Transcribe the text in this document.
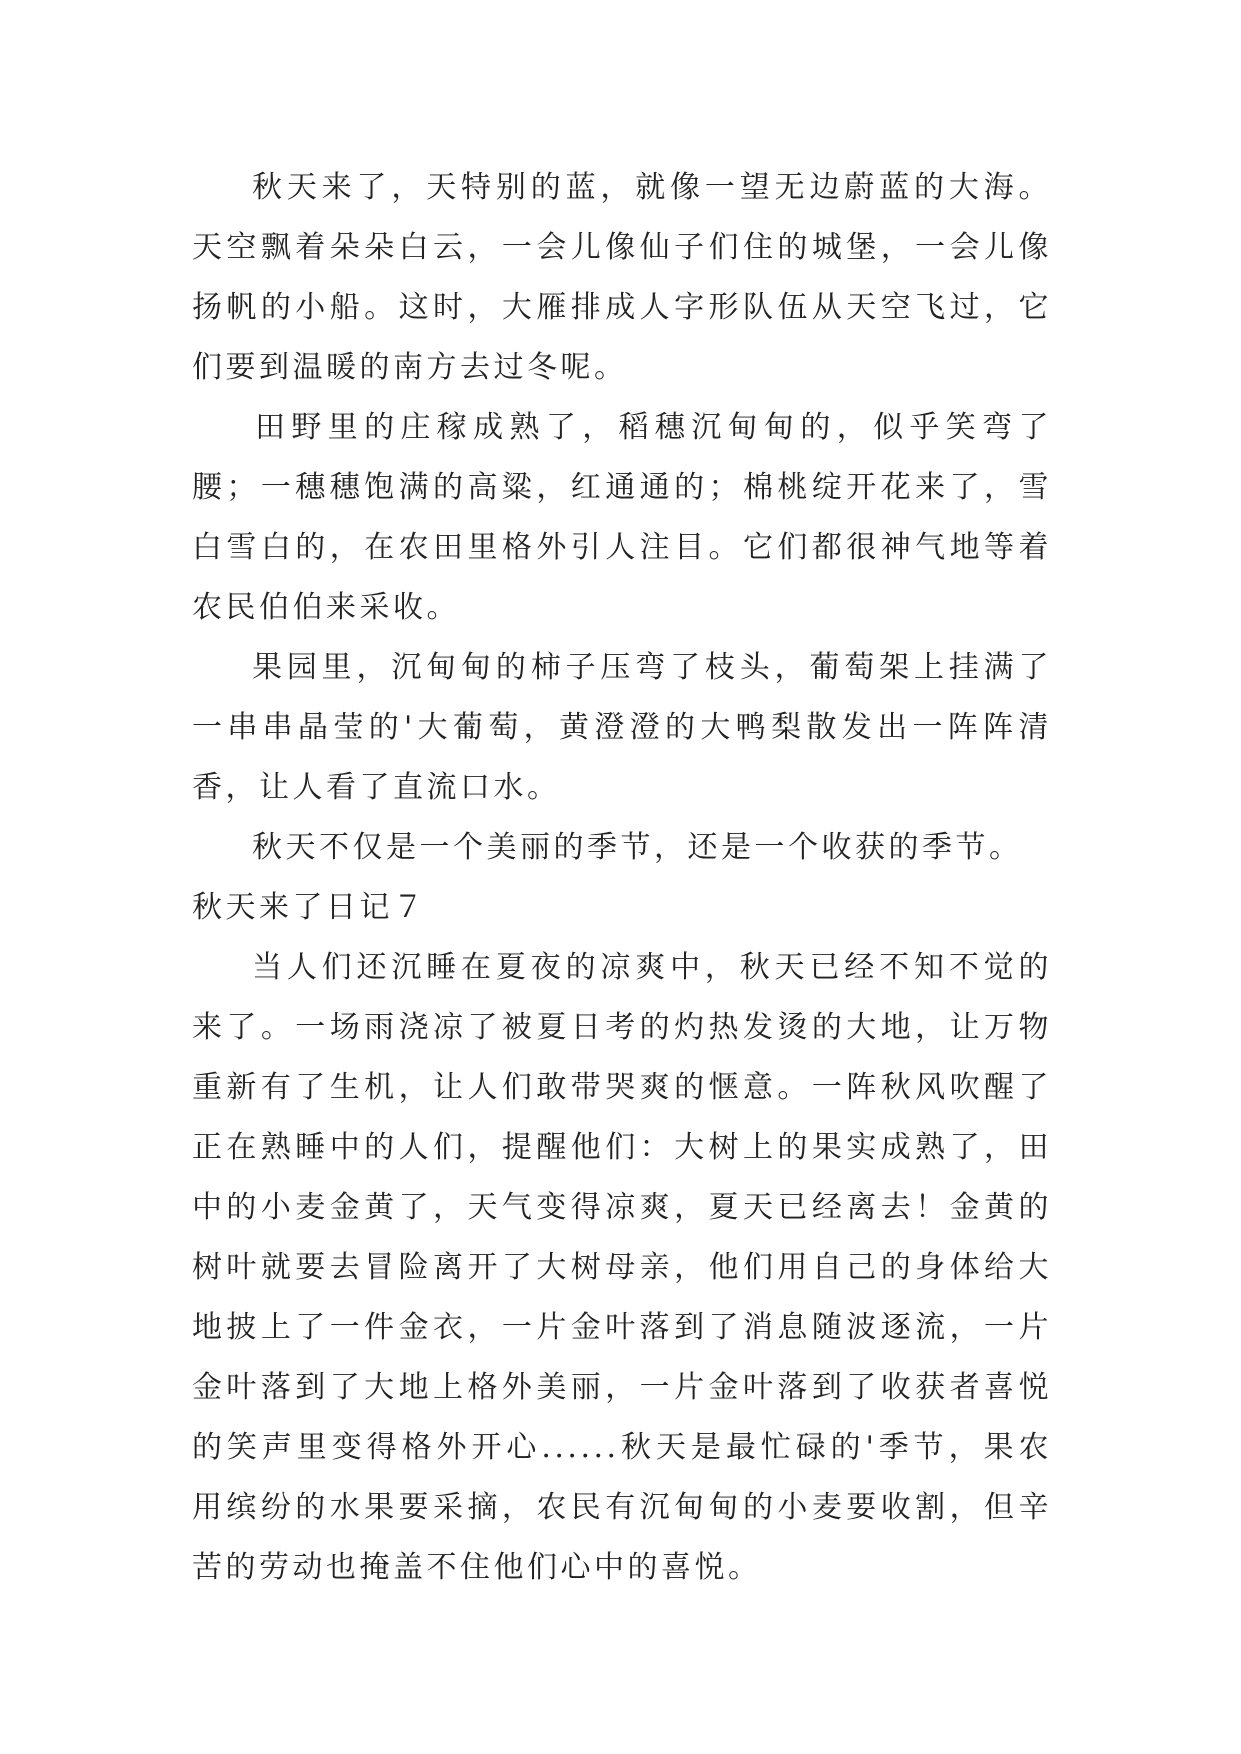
秋天来了，天特别的蓝，就像一望无边蔚蓝的大海。天空飘着朵朵白云，一会儿像仙子们住的城堡，一会儿像扬帆的小船。这时，大雁排成人字形队伍从天空飞过，它们要到温暖的南方去过冬呢。

田野里的庄稼成熟了，稻穗沉甸甸的，似乎笑弯了腰；一穗穗饱满的高粱，红通通的；棉桃绽开花来了，雪白雪白的，在农田里格外引人注目。它们都很神气地等着农民伯伯来采收。

果园里，沉甸甸的柿子压弯了枝头，葡萄架上挂满了一串串晶莹的'大葡萄，黄澄澄的大鸭梨散发出一阵阵清香，让人看了直流口水。

秋天不仅是一个美丽的季节，还是一个收获的季节。

秋天来了日记７

当人们还沉睡在夏夜的凉爽中，秋天已经不知不觉的来了。一场雨浇凉了被夏日考的灼热发烫的大地，让万物重新有了生机，让人们敢带哭爽的惬意。一阵秋风吹醒了正在熟睡中的人们，提醒他们：大树上的果实成熟了，田中的小麦金黄了，天气变得凉爽，夏天已经离去！金黄的树叶就要去冒险离开了大树母亲，他们用自己的身体给大地披上了一件金衣，一片金叶落到了消息随波逐流，一片金叶落到了大地上格外美丽，一片金叶落到了收获者喜悦的笑声里变得格外开心......秋天是最忙碌的'季节，果农用缤纷的水果要采摘，农民有沉甸甸的小麦要收割，但辛苦的劳动也掩盖不住他们心中的喜悦。
